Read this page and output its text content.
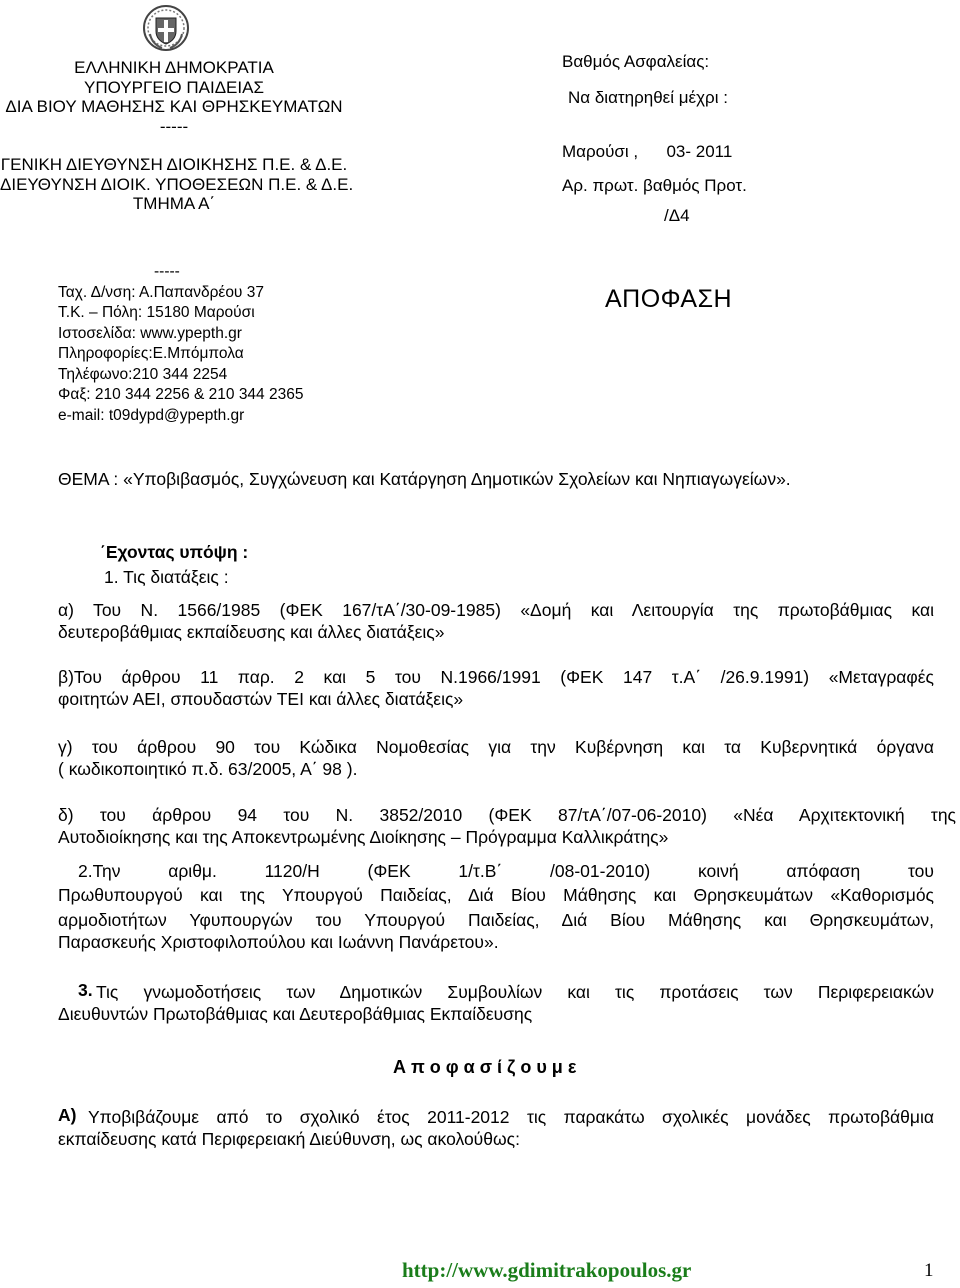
ΕΛΛΗΝΙΚΗ ΔΗΜΟΚΡΑΤΙΑ
ΥΠΟΥΡΓΕΙΟ ΠΑΙΔΕΙΑΣ
ΔΙΑ ΒΙΟΥ ΜΑΘΗΣΗΣ ΚΑΙ ΘΡΗΣΚΕΥΜΑΤΩΝ
-----
ΓΕΝΙΚΗ ΔΙΕΥΘΥΝΣΗ ΔΙΟΙΚΗΣΗΣ Π.Ε. & Δ.Ε.
ΔΙΕΥΘΥΝΣΗ ΔΙΟΙΚ. ΥΠΟΘΕΣΕΩΝ Π.Ε. & Δ.Ε.
ΤΜΗΜΑ Α΄
Βαθμός Ασφαλείας:
Να διατηρηθεί μέχρι :
Μαρούσι ,      03- 2011
Αρ. πρωτ. βαθμός Προτ.
/Δ4
-----
Ταχ. Δ/νση: Α.Παπανδρέου 37
Τ.Κ. – Πόλη: 15180 Μαρούσι
Ιστοσελίδα: www.ypepth.gr
Πληροφορίες:Ε.Μπόμπολα
Τηλέφωνο:210 344 2254
Φαξ: 210 344 2256 & 210 344 2365
e-mail: t09dypd@ypepth.gr
ΑΠΟΦΑΣΗ
ΘΕΜΑ : «Υποβιβασμός, Συγχώνευση και Κατάργηση Δημοτικών Σχολείων και Νηπιαγωγείων».
΄Εχοντας υπόψη :
1. Τις διατάξεις :
α) Του Ν. 1566/1985 (ΦΕΚ 167/τΑ΄/30-09-1985) «Δομή και Λειτουργία της πρωτοβάθμιας και
δευτεροβάθμιας εκπαίδευσης και άλλες διατάξεις»
β)Του άρθρου 11 παρ. 2 και 5 του Ν.1966/1991 (ΦΕΚ 147 τ.Α΄ /26.9.1991) «Μεταγραφές
φοιτητών ΑΕΙ, σπουδαστών ΤΕΙ και άλλες διατάξεις»
γ) του άρθρου 90 του Κώδικα Νομοθεσίας για την Κυβέρνηση και τα Κυβερνητικά όργανα
( κωδικοποιητικό π.δ. 63/2005, Α΄ 98 ).
δ) του άρθρου 94 του Ν. 3852/2010 (ΦΕΚ 87/τΑ΄/07-06-2010) «Νέα Αρχιτεκτονική της
Αυτοδιοίκησης και της Αποκεντρωμένης Διοίκησης – Πρόγραμμα Καλλικράτης»
2.Την αριθμ. 1120/Η (ΦΕΚ 1/τ.Β΄ /08-01-2010) κοινή απόφαση του
Πρωθυπουργού και της Υπουργού Παιδείας, Διά Βίου Μάθησης και Θρησκευμάτων «Καθορισμός
αρμοδιοτήτων Υφυπουργών του Υπουργού Παιδείας, Διά Βίου Μάθησης και Θρησκευμάτων,
Παρασκευής Χριστοφιλοπούλου και Ιωάννη Πανάρετου».
3. Τις γνωμοδοτήσεις των Δημοτικών Συμβουλίων και τις προτάσεις των Περιφερειακών
Διευθυντών Πρωτοβάθμιας και Δευτεροβάθμιας Εκπαίδευσης
Α π ο φ α σ ί ζ ο υ μ ε
Α) Υποβιβάζουμε από το σχολικό έτος 2011-2012 τις παρακάτω σχολικές μονάδες πρωτοβάθμια
εκπαίδευσης κατά Περιφερειακή Διεύθυνση, ως ακολούθως:
http://www.gdimitrakopoulos.gr	1
